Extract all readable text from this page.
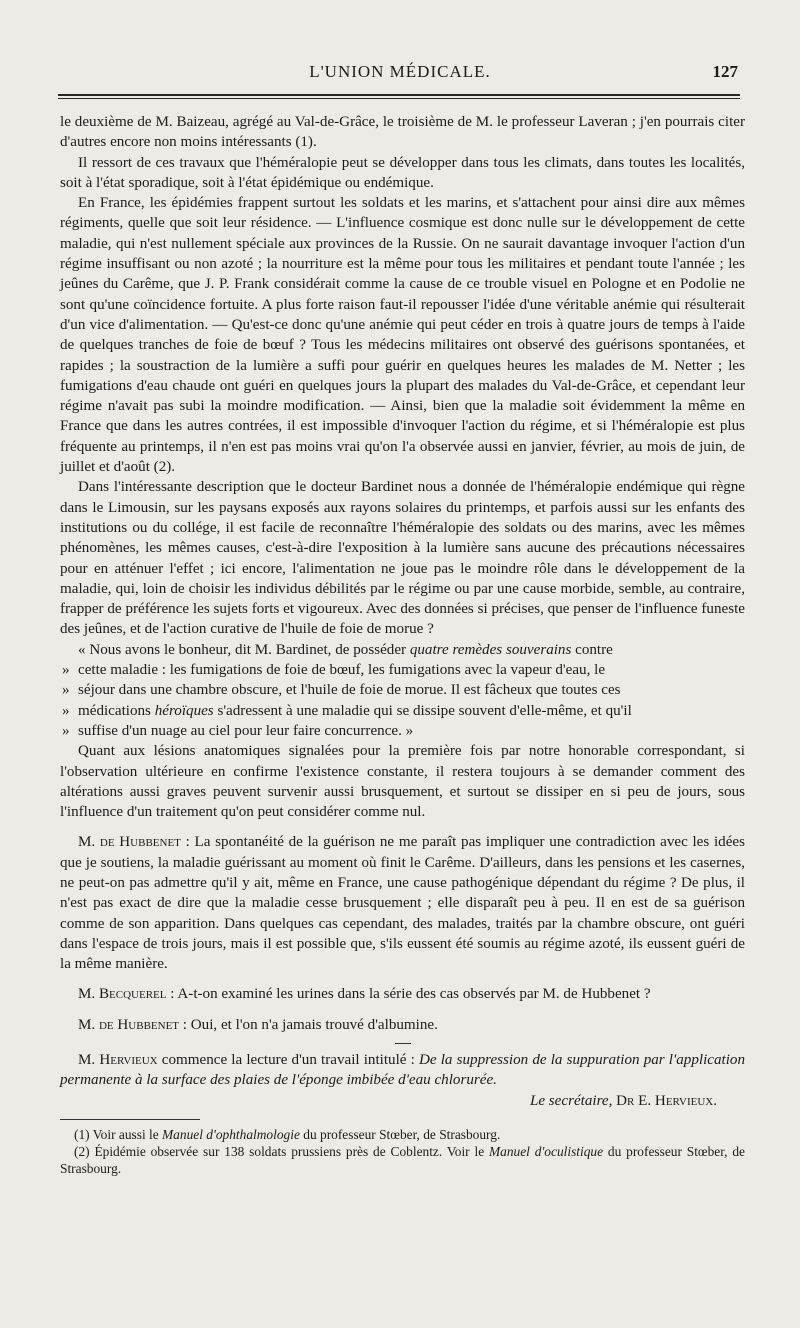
L'UNION MÉDICALE.	127

le deuxième de M. Baizeau, agrégé au Val-de-Grâce, le troisième de M. le professeur Laveran ; j'en pourrais citer d'autres encore non moins intéressants (1).

Il ressort de ces travaux que l'héméralopie peut se développer dans tous les climats, dans toutes les localités, soit à l'état sporadique, soit à l'état épidémique ou endémique.

En France, les épidémies frappent surtout les soldats et les marins, et s'attachent pour ainsi dire aux mêmes régiments, quelle que soit leur résidence. — L'influence cosmique est donc nulle sur le développement de cette maladie, qui n'est nullement spéciale aux provinces de la Russie. On ne saurait davantage invoquer l'action d'un régime insuffisant ou non azoté ; la nourriture est la même pour tous les militaires et pendant toute l'année ; les jeûnes du Carême, que J. P. Frank considérait comme la cause de ce trouble visuel en Pologne et en Podolie ne sont qu'une coïncidence fortuite. A plus forte raison faut-il repousser l'idée d'une véritable anémie qui résulterait d'un vice d'alimentation. — Qu'est-ce donc qu'une anémie qui peut céder en trois à quatre jours de temps à l'aide de quelques tranches de foie de bœuf ? Tous les médecins militaires ont observé des guérisons spontanées, et rapides ; la soustraction de la lumière a suffi pour guérir en quelques heures les malades de M. Netter ; les fumigations d'eau chaude ont guéri en quelques jours la plupart des malades du Val-de-Grâce, et cependant leur régime n'avait pas subi la moindre modification. — Ainsi, bien que la maladie soit évidemment la même en France que dans les autres contrées, il est impossible d'invoquer l'action du régime, et si l'héméralopie est plus fréquente au printemps, il n'en est pas moins vrai qu'on l'a observée aussi en janvier, février, au mois de juin, de juillet et d'août (2).

Dans l'intéressante description que le docteur Bardinet nous a donnée de l'héméralopie endémique qui règne dans le Limousin, sur les paysans exposés aux rayons solaires du printemps, et parfois aussi sur les enfants des institutions ou du collége, il est facile de reconnaître l'héméralopie des soldats ou des marins, avec les mêmes phénomènes, les mêmes causes, c'est-à-dire l'exposition à la lumière sans aucune des précautions nécessaires pour en atténuer l'effet ; ici encore, l'alimentation ne joue pas le moindre rôle dans le développement de la maladie, qui, loin de choisir les individus débilités par le régime ou par une cause morbide, semble, au contraire, frapper de préférence les sujets forts et vigoureux. Avec des données si précises, que penser de l'influence funeste des jeûnes, et de l'action curative de l'huile de foie de morue ?

« Nous avons le bonheur, dit M. Bardinet, de posséder quatre remèdes souverains contre
» cette maladie : les fumigations de foie de bœuf, les fumigations avec la vapeur d'eau, le
» séjour dans une chambre obscure, et l'huile de foie de morue. Il est fâcheux que toutes ces
» médications héroïques s'adressent à une maladie qui se dissipe souvent d'elle-même, et qu'il
» suffise d'un nuage au ciel pour leur faire concurrence. »

Quant aux lésions anatomiques signalées pour la première fois par notre honorable correspondant, si l'observation ultérieure en confirme l'existence constante, il restera toujours à se demander comment des altérations aussi graves peuvent survenir aussi brusquement, et surtout se dissiper en si peu de jours, sous l'influence d'un traitement qu'on peut considérer comme nul.

M. de Hubbenet : La spontanéité de la guérison ne me paraît pas impliquer une contradiction avec les idées que je soutiens, la maladie guérissant au moment où finit le Carême. D'ailleurs, dans les pensions et les casernes, ne peut-on pas admettre qu'il y ait, même en France, une cause pathogénique dépendant du régime ? De plus, il n'est pas exact de dire que la maladie cesse brusquement ; elle disparaît peu à peu. Il en est de sa guérison comme de son apparition. Dans quelques cas cependant, des malades, traités par la chambre obscure, ont guéri dans l'espace de trois jours, mais il est possible que, s'ils eussent été soumis au régime azoté, ils eussent guéri de la même manière.

M. Becquerel : A-t-on examiné les urines dans la série des cas observés par M. de Hubbenet ?

M. de Hubbenet : Oui, et l'on n'a jamais trouvé d'albumine.

M. Hervieux commence la lecture d'un travail intitulé : De la suppression de la suppuration par l'application permanente à la surface des plaies de l'éponge imbibée d'eau chlorurée.

Le secrétaire, Dr E. Hervieux.

(1) Voir aussi le Manuel d'ophthalmologie du professeur Stœber, de Strasbourg.

(2) Épidémie observée sur 138 soldats prussiens près de Coblentz. Voir le Manuel d'oculistique du professeur Stœber, de Strasbourg.
